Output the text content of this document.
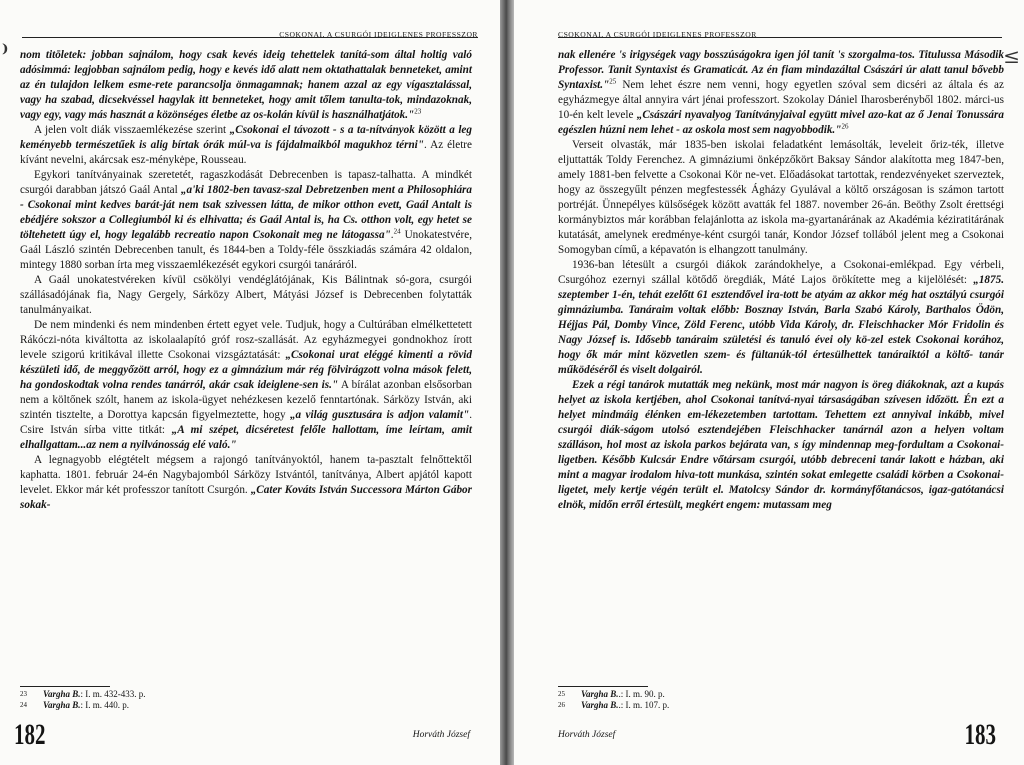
⁾
CSOKONAI, A CSURGÓI IDEIGLENES PROFESSZOR

nom titōletek: jobban sajnálom, hogy csak kevés ideig tehettelek tanítá-som által holtig való adósimmá: legjobban sajnálom pedig, hogy e kevés idő alatt nem oktathattalak benneteket, amint az én tulajdon lelkem esme-rete parancsolja önmagamnak; hanem azzal az egy vígasztalással, vagy ha szabad, dicsekvéssel hagylak itt benneteket, hogy amit tőlem tanulta-tok, mindazoknak, vagy egy, vagy más hasznát a közönséges életbe az os-kolán kívül is használhatjátok."$^{23}$

A jelen volt diák visszaemlékezése szerint „Csokonai el távozott - s a ta-nítványok között a leg keményebb természetűek is alig bírtak órák múl-va is fájdalmaikból magukhoz térni". Az életre kívánt nevelni, akárcsak esz-ménykėpe, Rousseau.

Egykori tanítványainak szeretetét, ragaszkodását Debrecenben is tapasz-talhatta. A mindkét csurgói darabban játszó Gaál Antal „a'ki 1802-ben tavasz-szal Debretzenben ment a Philosophiára - Csokonai mint kedves barát-ját nem tsak szivessen látta, de mikor otthon evett, Gaál Antalt is ebédjére sokszor a Collegiumból ki és elhivatta; és Gaál Antal is, ha Cs. otthon volt, egy hetet se töltehetett úgy el, hogy legalább recreatio napon Csokonait meg ne látogassa".$^{24}$ Unokatestvére, Gaál László szintén Debrecenben tanult, és 1844-ben a Toldy-féle összkiadás számára 42 oldalon, mintegy 1880 sorban írta meg visszaemlékezését egykori csurgói tanáráról.

A Gaál unokatestvéreken kívül csökölyi vendéglátójának, Kis Bálintnak só-gora, csurgói szállásadójának fia, Nagy Gergely, Sárközy Albert, Mátyási József is Debrecenben folytatták tanulmányaikat.

De nem mindenki és nem mindenben értett egyet vele. Tudjuk, hogy a Cultúrában elmélkettetett Rákóczi-nóta kiváltotta az iskolaalapító gróf rosz-szallását. Az egyházmegyei gondnokhoz írott levele szigorú kritikával illette Csokonai vizsgáztatását: „Csokonai urat eléggé kimenti a rövid készületi idő, de meggyőzött arról, hogy ez a gimnázium már rég fölvirágzott volna mások felett, ha gondoskodtak volna rendes tanárról, akár csak ideiglene-sen is." A bírálat azonban elsősorban nem a költőnek szólt, hanem az iskola-ügyet nehézkesen kezelő fenntartónak. Sárközy István, aki szintén tisztelte, a Dorottya kapcsán figyelmeztette, hogy „a világ gusztusára is adjon valamit". Csire István sírba vitte titkát: „A mi szépet, dicséretest felőle hallottam, íme leírtam, amit elhallgattam...az nem a nyilvánosság elé való."

A legnagyobb elégtételt mégsem a rajongó tanítványoktól, hanem ta-pasztalt felnőttektől kaphatta. 1801. február 24-én Nagybajomból Sárközy Istvántól, tanítványa, Albert apjától kapott levelet. Ekkor már két professzor tanított Csurgón. „Cater Kováts István Successora Márton Gábor sokak-

23 Vargha B.: I. m. 432-433. p.
24 Vargha B.: I. m. 440. p.
182	Horváth József
≤
CSOKONAI, A CSURGÓI IDEIGLENES PROFESSZOR

nak ellenére 's irigységek vagy bosszúságokra igen jól tanít 's szorgalma-tos. Titulussa Második Professor. Tanit Syntaxist és Gramaticát. Az én fiam mindazáltal Császári úr alatt tanul bővebb Syntaxist."$^{25}$ Nem lehet észre nem venni, hogy egyetlen szóval sem dicséri az általa és az egyházmegye által annyira várt jénai professzort. Szokolay Dániel Iharosberényből 1802. márci-us 10-én kelt levele „Császári nyavalyog Tanítványjaival együtt mivel azo-kat az ő Jenai Tonussára egészlen húzni nem lehet - az oskola most sem nagyobbodik."$^{26}$

Verseit olvasták, már 1835-ben iskolai feladatként lemásolták, leveleit őriz-ték, illetve eljuttatták Toldy Ferenchez. A gimnáziumi önképzőkört Baksay Sándor alakította meg 1847-ben, amely 1881-ben felvette a Csokonai Kör ne-vet. Előadásokat tartottak, rendezvényeket szerveztek, hogy az összegyűlt pénzen megfestessék Ágházy Gyulával a költő országosan is számon tartott portréját. Ünnepélyes külsőségek között avatták fel 1887. november 26-án. Beöthy Zsolt érettségi kormánybiztos már korábban felajánlotta az iskola ma-gyartanárának az Akadémia kéziratitárának kutatását, amelynek eredménye-ként csurgói tanár, Kondor József tollából jelent meg a Csokonai Somogyban című, a képavatón is elhangzott tanulmány.

1936-ban létesült a csurgói diákok zarándokhelye, a Csokonai-emlékpad. Egy vérbeli, Csurgóhoz ezernyi szállal kötődő öregdiák, Máté Lajos örökítette meg a kijelölését: „1875. szeptember 1-én, tehát ezelőtt 61 esztendővel ira-tott be atyám az akkor még hat osztályú csurgói gimnáziumba. Tanáraim voltak előbb: Bosznay István, Barla Szabó Károly, Barthalos Ödön, Héjjas Pál, Domby Vince, Zöld Ferenc, utóbb Vida Károly, dr. Fleischhacker Mór Fridolin és Nagy József is. Idősebb tanáraim születési és tanuló évei oly kö-zel estek Csokonai korához, hogy ők már mint közvetlen szem- és fültanúk-tól értesülhettek tanáraiktól a költő- tanár működéséről és viselt dolgairól.

Ezek a régi tanárok mutatták meg nekünk, most már nagyon is öreg diákoknak, azt a kupás helyet az iskola kertjében, ahol Csokonai tanítvá-nyai társaságában szívesen időzött. Én ezt a helyet mindmáig élénken em-lékezetemben tartottam. Tehettem ezt annyival inkább, mivel csurgói diák-ságom utolsó esztendejében Fleischhacker tanárnál azon a helyen voltam szálláson, hol most az iskola parkos bejárata van, s így mindennap meg-fordultam a Csokonai-ligetben. Később Kulcsár Endre vőtársam csurgói, utóbb debreceni tanár lakott e házban, aki mint a magyar irodalom hiva-tott munkása, szintén sokat emlegette családi körben a Csokonai-ligetet, mely kertje végén terült el. Matolcsy Sándor dr. kormányfőtanácsos, igaz-gatótanácsi elnök, midőn erről értesült, megkért engem: mutassam meg

25 Vargha B..: I. m. 90. p.
26 Vargha B..: I. m. 107. p.
Horváth József	183
